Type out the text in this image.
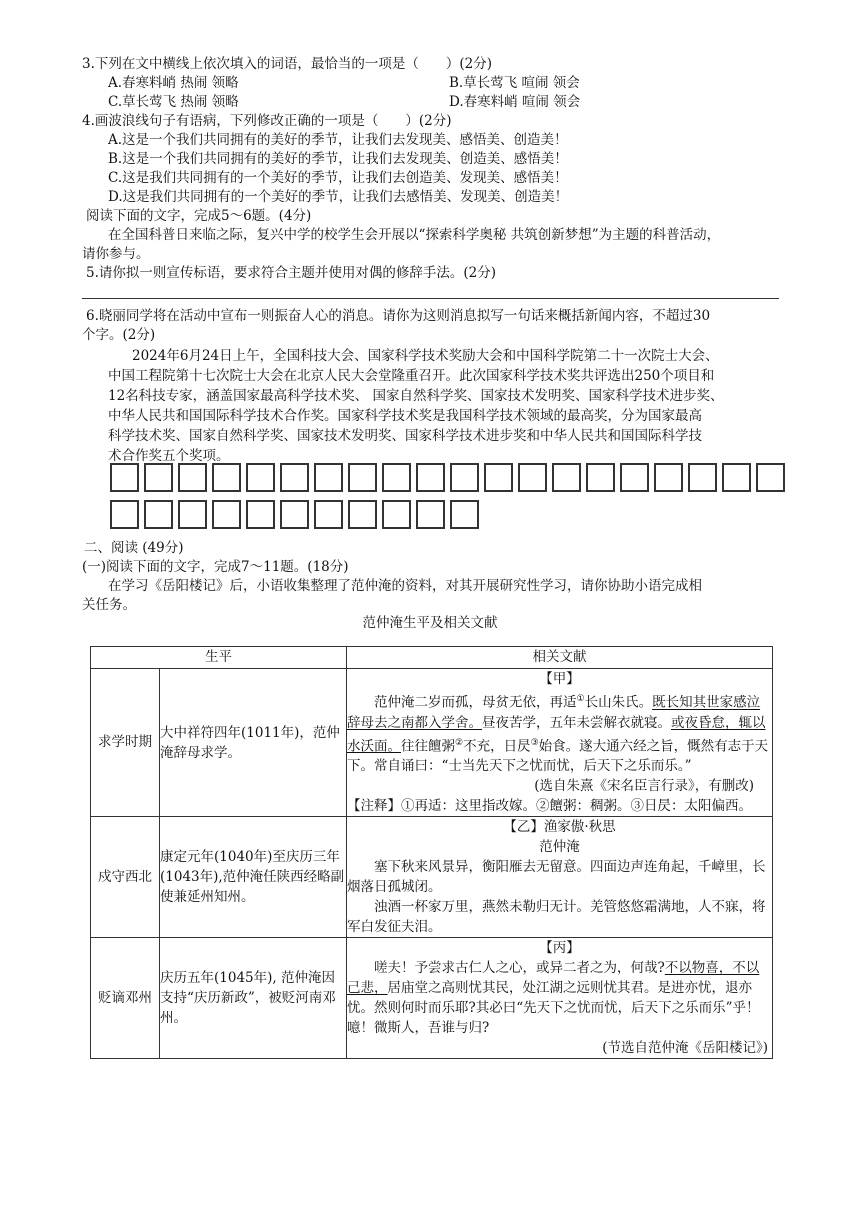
3.下列在文中横线上依次填入的词语，最恰当的一项是（　　）(2分)
A.春寒料峭 热闹 领略	B.草长莺飞 喧闹 领会
C.草长莺飞 热闹 领略	D.春寒料峭 喧闹 领会
4.画波浪线句子有语病，下列修改正确的一项是（　　）(2分)
A.这是一个我们共同拥有的美好的季节，让我们去发现美、感悟美、创造美！
B.这是一个我们共同拥有的美好的季节，让我们去发现美、创造美、感悟美！
C.这是我们共同拥有的一个美好的季节，让我们去创造美、发现美、感悟美！
D.这是我们共同拥有的一个美好的季节，让我们去感悟美、发现美、创造美！
阅读下面的文字，完成5～6题。(4分)
在全国科普日来临之际，复兴中学的校学生会开展以“探索科学奥秘 共筑创新梦想”为主题的科普活动，
请你参与。
5.请你拟一则宣传标语，要求符合主题并使用对偶的修辞手法。(2分)
6.晓丽同学将在活动中宣布一则振奋人心的消息。请你为这则消息拟写一句话来概括新闻内容，不超过30
个字。(2分)
2024年6月24日上午，全国科技大会、国家科学技术奖励大会和中国科学院第二十一次院士大会、
中国工程院第十七次院士大会在北京人民大会堂隆重召开。此次国家科学技术奖共评选出250个项目和
12名科技专家，涵盖国家最高科学技术奖、 国家自然科学奖、国家技术发明奖、国家科学技术进步奖、
中华人民共和国国际科学技术合作奖。国家科学技术奖是我国科学技术领域的最高奖，分为国家最高
科学技术奖、国家自然科学奖、国家技术发明奖、国家科学技术进步奖和中华人民共和国国际科学技
术合作奖五个奖项。
二、阅读 (49分)
(一)阅读下面的文字，完成7～11题。(18分)
在学习《岳阳楼记》后，小语收集整理了范仲淹的资料，对其开展研究性学习，请你协助小语完成相
关任务。
范仲淹生平及相关文献
生平		相关文献
求学时期	大中祥符四年(1011年)，范仲淹辞母求学。	【甲】
范仲淹二岁而孤，母贫无依，再适①长山朱氏。既长知其世家感泣辞母去之南都入学舍。昼夜苦学，五年未尝解衣就寝。或夜昏怠，辄以水沃面。往往饘粥②不充，日昃③始食。遂大通六经之旨，慨然有志于天下。常自诵曰：“士当先天下之忧而忧，后天下之乐而乐。”
(选自朱熹《宋名臣言行录》，有删改)
【注释】①再适：这里指改嫁。②饘粥：稠粥。③日昃：太阳偏西。

戍守西北	康定元年(1040年)至庆历三年 (1043年),范仲淹任陕西经略副使兼延州知州。	【乙】渔家傲·秋思
范仲淹
塞下秋来风景异，衡阳雁去无留意。四面边声连角起，千嶂里，长烟落日孤城闭。
浊酒一杯家万里，燕然未勒归无计。羌管悠悠霜满地，人不寐，将军白发征夫泪。

贬谪邓州	庆历五年(1045年), 范仲淹因支持“庆历新政”，被贬河南邓州。	【丙】
嗟夫！予尝求古仁人之心，或异二者之为，何哉?不以物喜，不以己悲，居庙堂之高则忧其民，处江湖之远则忧其君。是进亦忧，退亦忧。然则何时而乐耶?其必曰“先天下之忧而忧，后天下之乐而乐”乎！噫！微斯人，吾谁与归?
(节选自范仲淹《岳阳楼记》)
